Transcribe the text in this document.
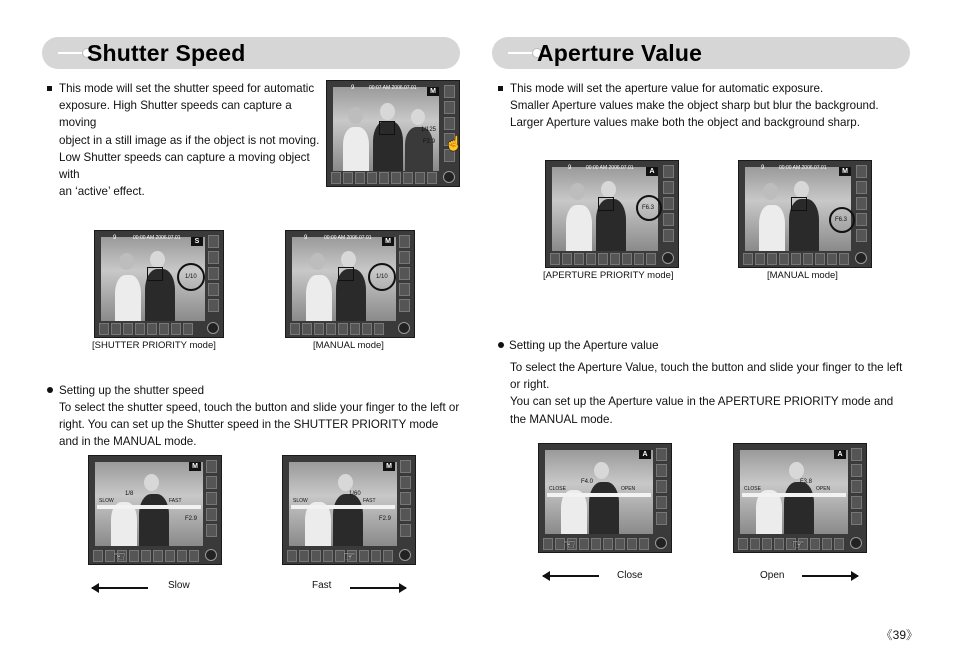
Shutter Speed
This mode will set the shutter speed for automatic
exposure. High Shutter speeds can capture a moving
object in a still image as if the object is not moving.
Low Shutter speeds can capture a moving object with
an ‘active’ effect.
9	00:07 AM 2006.07.01	M
1/125
F2.9 ☝
9	00:00 AM 2006.07.01	S
1/10
[SHUTTER PRIORITY mode]
9	00:00 AM 2006.07.01	M
1/10
[MANUAL mode]
Setting up the shutter speed
To select the shutter speed, touch the button and slide your finger to the left or
right. You can set up the Shutter speed in the SHUTTER PRIORITY mode
and in the MANUAL mode.
M
SLOW	FAST
1/8
F2.9
☜
M
SLOW	FAST
1/60
F2.9
☞
Slow	Fast
Aperture Value
This mode will set the aperture value for automatic exposure.
Smaller Aperture values make the object sharp but blur the background.
Larger Aperture values make both the object and background sharp.
9	00:00 AM 2006.07.01	A
F6.3
[APERTURE PRIORITY mode]
9	00:00 AM 2006.07.01	M
F6.3
[MANUAL mode]
Setting up the Aperture value
To select the Aperture Value, touch the button and slide your finger to the left
or right.
You can set up the Aperture value in the APERTURE PRIORITY mode and
the MANUAL mode.
A
CLOSE	OPEN
F4.0
☜
A
CLOSE	OPEN
F3.8
☞
Close	Open
《39》
